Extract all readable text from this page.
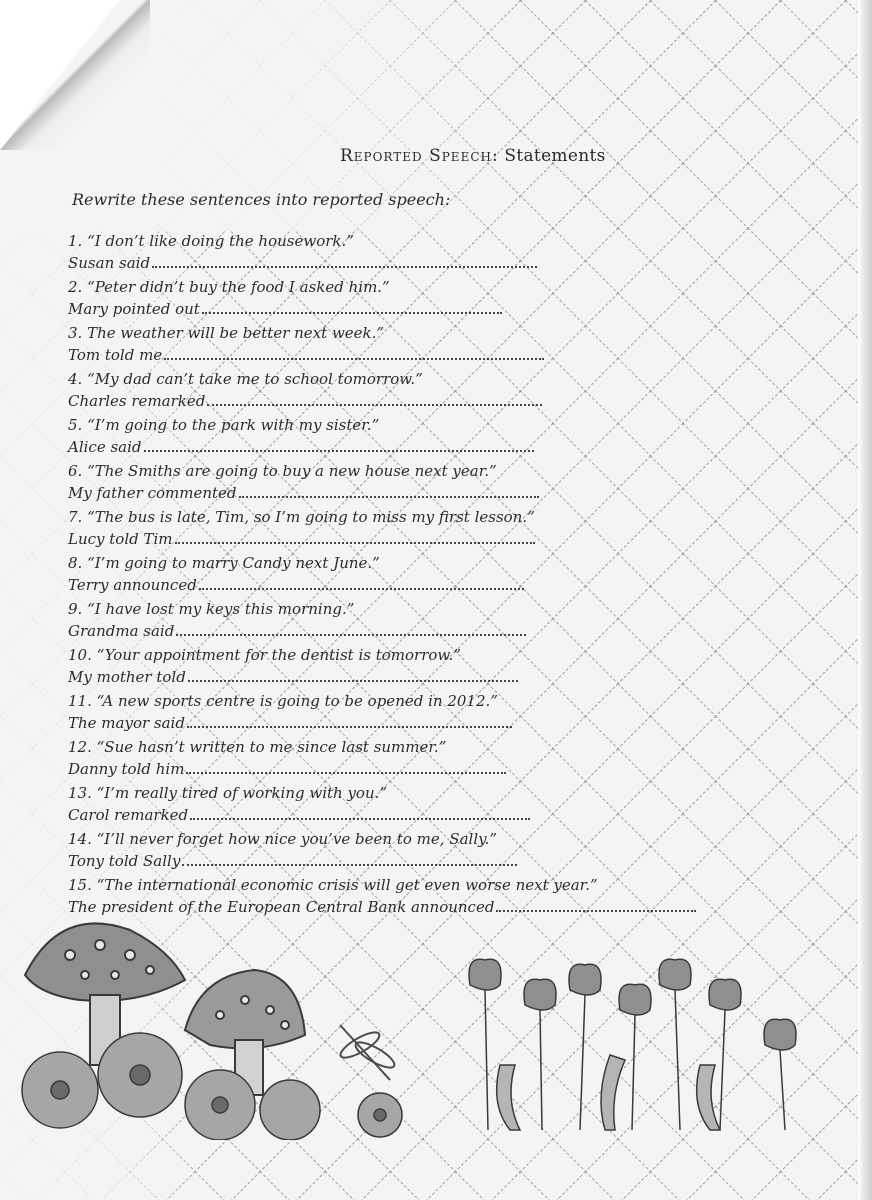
Reported Speech: Statements
Rewrite these sentences into reported speech:
1. “I don’t like doing the housework.”
Susan said
2. “Peter didn’t buy the food I asked him.”
Mary pointed out
3. The weather will be better next week.”
Tom told me
4. “My dad can’t take me to school tomorrow.”
Charles remarked
5. “I’m going to the park with my sister.”
Alice said
6. “The Smiths are going to buy a new house next year.”
My father commented
7. “The bus is late, Tim, so I’m going to miss my first lesson.”
Lucy told Tim
8. “I’m going to marry Candy next June.”
Terry announced
9. “I have lost my keys this morning.”
Grandma said
10. “Your appointment for the dentist is tomorrow.”
My mother told
11. “A new sports centre is going to be opened in 2012.”
The mayor said
12. “Sue hasn’t written to me since last summer.”
Danny told him
13. “I’m really tired of working with you.”
Carol remarked
14. “I’ll never forget how nice you’ve been to me, Sally.”
Tony told Sally
15. “The international economic crisis will get even worse next year.”
The president of the European Central Bank announced
